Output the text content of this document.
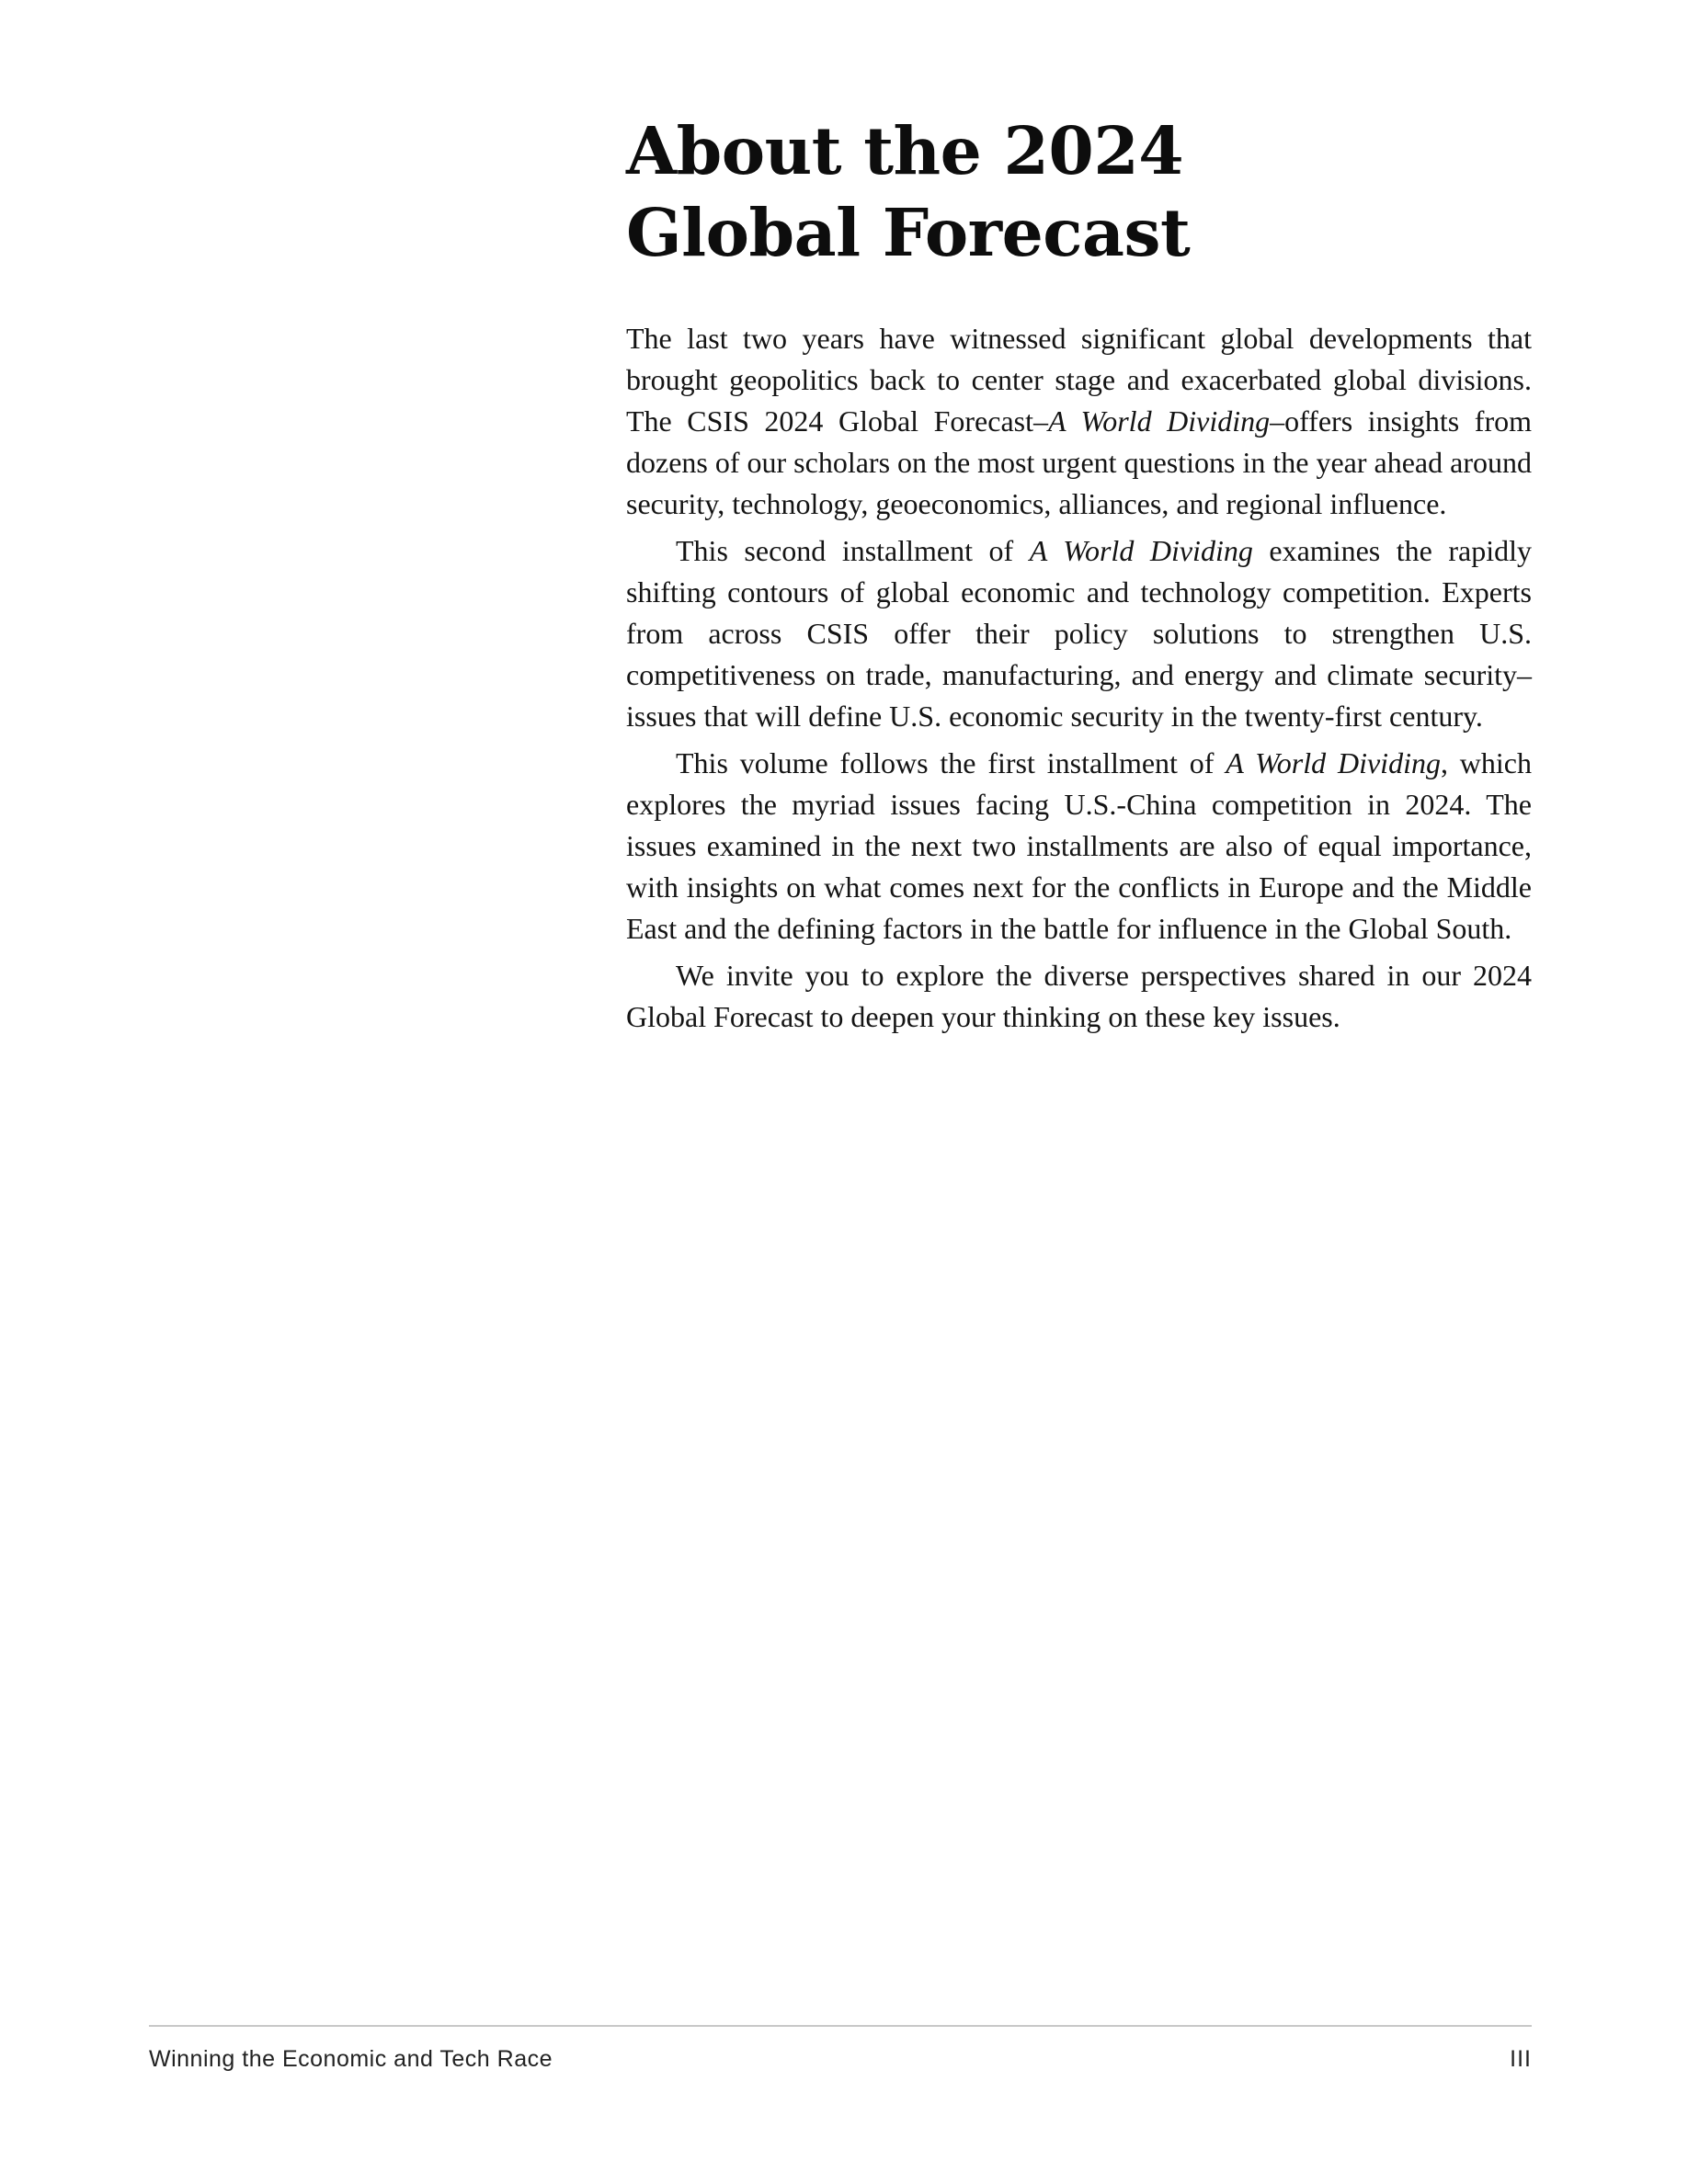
About the 2024
Global Forecast

The last two years have witnessed significant global developments that brought geopolitics back to center stage and exacerbated global divisions. The CSIS 2024 Global Forecast–A World Dividing–offers insights from dozens of our scholars on the most urgent questions in the year ahead around security, technology, geoeconomics, alliances, and regional influence.

This second installment of A World Dividing examines the rapidly shifting contours of global economic and technology competition. Experts from across CSIS offer their policy solutions to strengthen U.S. competitiveness on trade, manufacturing, and energy and climate security–issues that will define U.S. economic security in the twenty-first century.

This volume follows the first installment of A World Dividing, which explores the myriad issues facing U.S.-China competition in 2024. The issues examined in the next two installments are also of equal importance, with insights on what comes next for the conflicts in Europe and the Middle East and the defining factors in the battle for influence in the Global South.

We invite you to explore the diverse perspectives shared in our 2024 Global Forecast to deepen your thinking on these key issues.

Winning the Economic and Tech Race	III
